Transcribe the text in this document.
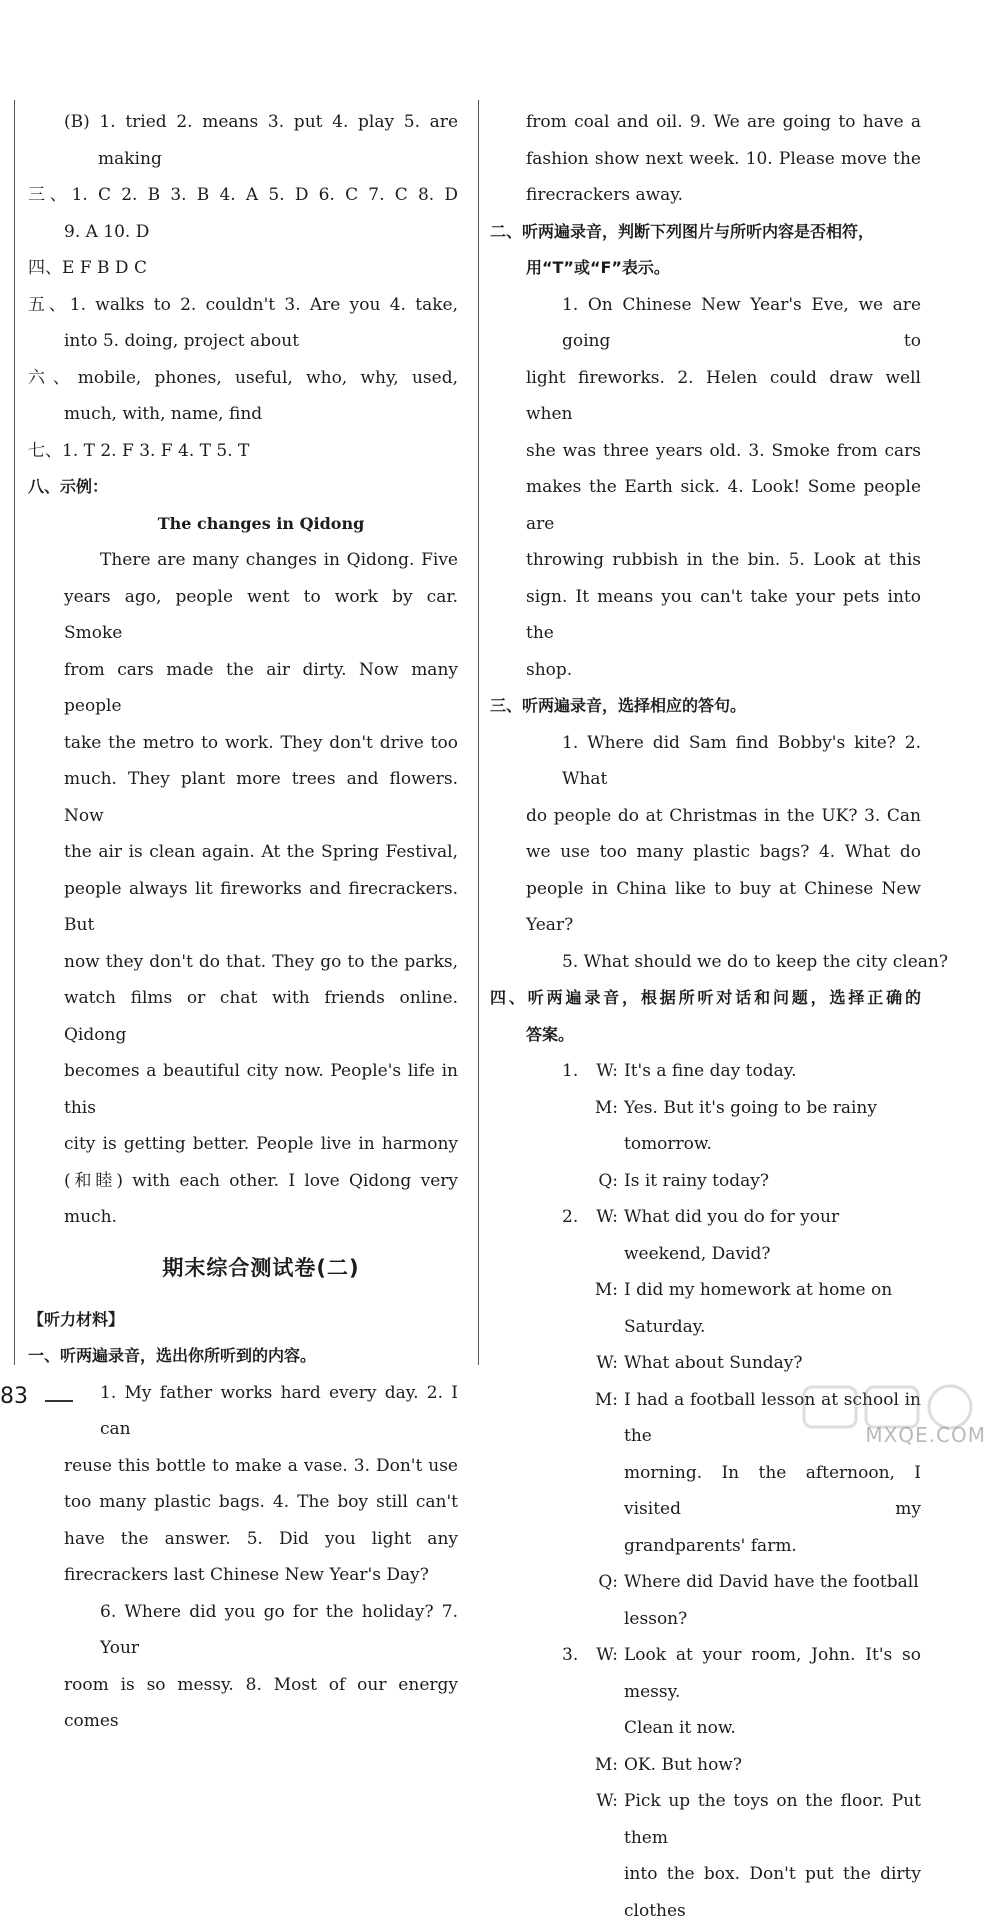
(B) 1. tried 2. means 3. put 4. play 5. are
making
三、1. C 2. B 3. B 4. A 5. D 6. C 7. C 8. D
9. A 10. D
四、E F B D C
五、1. walks to 2. couldn't 3. Are you 4. take,
into 5. doing, project about
六、mobile, phones, useful, who, why, used,
much, with, name, find
七、1. T 2. F 3. F 4. T 5. T
八、示例：
The changes in Qidong
There are many changes in Qidong. Five
years ago, people went to work by car. Smoke
from cars made the air dirty. Now many people
take the metro to work. They don't drive too
much. They plant more trees and flowers. Now
the air is clean again. At the Spring Festival,
people always lit fireworks and firecrackers. But
now they don't do that. They go to the parks,
watch films or chat with friends online. Qidong
becomes a beautiful city now. People's life in this
city is getting better. People live in harmony
(和睦) with each other. I love Qidong very much.
期末综合测试卷(二)
【听力材料】
一、听两遍录音，选出你所听到的内容。
1. My father works hard every day. 2. I can
reuse this bottle to make a vase. 3. Don't use
too many plastic bags. 4. The boy still can't
have the answer. 5. Did you light any
firecrackers last Chinese New Year's Day?
6. Where did you go for the holiday? 7. Your
room is so messy. 8. Most of our energy comes
from coal and oil. 9. We are going to have a
fashion show next week. 10. Please move the
firecrackers away.
二、听两遍录音，判断下列图片与所听内容是否相符，
用“T”或“F”表示。
1. On Chinese New Year's Eve, we are going to
light fireworks. 2. Helen could draw well when
she was three years old. 3. Smoke from cars
makes the Earth sick. 4. Look! Some people are
throwing rubbish in the bin. 5. Look at this
sign. It means you can't take your pets into the
shop.
三、听两遍录音，选择相应的答句。
1. Where did Sam find Bobby's kite? 2. What
do people do at Christmas in the UK? 3. Can
we use too many plastic bags? 4. What do
people in China like to buy at Chinese New Year?
5. What should we do to keep the city clean?
四、听两遍录音，根据所听对话和问题，选择正确的
答案。
1.	W: It's a fine day today.
M: Yes. But it's going to be rainy tomorrow.
Q: Is it rainy today?
2.	W: What did you do for your weekend, David?
M: I did my homework at home on Saturday.
W: What about Sunday?
M: I had a football lesson at school in the
morning. In the afternoon, I visited my
grandparents' farm.
Q: Where did David have the football lesson?
3.	W: Look at your room, John. It's so messy.
Clean it now.
M: OK. But how?
W: Pick up the toys on the floor. Put them
into the box. Don't put the dirty clothes
83
MXQE.COM
